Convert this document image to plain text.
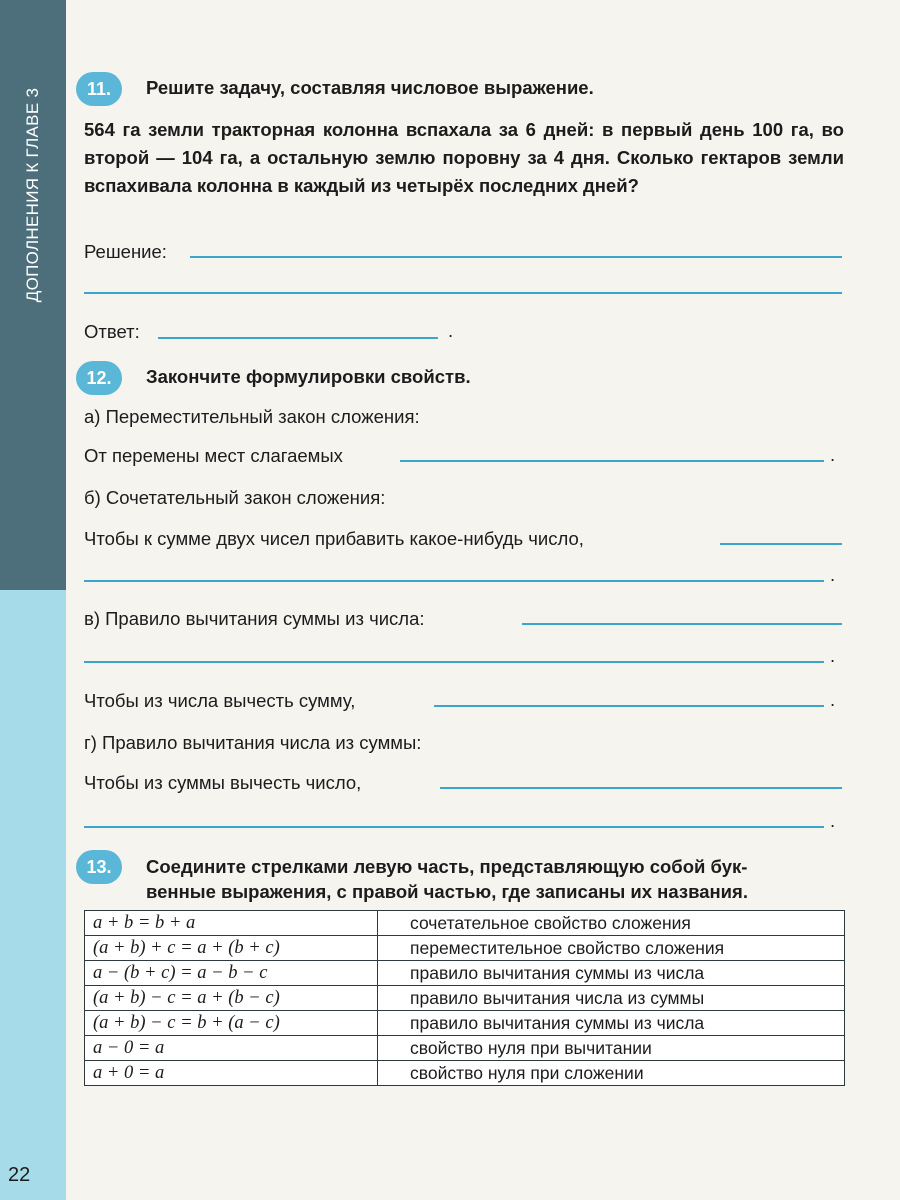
ДОПОЛНЕНИЯ К ГЛАВЕ 3
22
11.	Решите задачу, составляя числовое выражение.
564 га земли тракторная колонна вспахала за 6 дней: в первый день 100 га, во второй — 104 га, а остальную землю поровну за 4 дня. Сколько гектаров земли вспахивала колонна в каждый из четырёх последних дней?
Решение:
Ответ:	.
12.	Закончите формулировки свойств.
а) Переместительный закон сложения:
От перемены мест слагаемых	.
б) Сочетательный закон сложения:
Чтобы к сумме двух чисел прибавить какое-нибудь число,
.
в) Правило вычитания суммы из числа:
.
Чтобы из числа вычесть сумму,	.
г) Правило вычитания числа из суммы:
Чтобы из суммы вычесть число,
.
13.	Соедините стрелками левую часть, представляющую собой бук-
венные выражения, с правой частью, где записаны их названия.
a + b = b + a	сочетательное свойство сложения
(a + b) + c = a + (b + c)	переместительное свойство сложения
a − (b + c) = a − b − c	правило вычитания суммы из числа
(a + b) − c = a + (b − c)	правило вычитания числа из суммы
(a + b) − c = b + (a − c)	правило вычитания суммы из числа
a − 0 = a	свойство нуля при вычитании
a + 0 = a	свойство нуля при сложении
